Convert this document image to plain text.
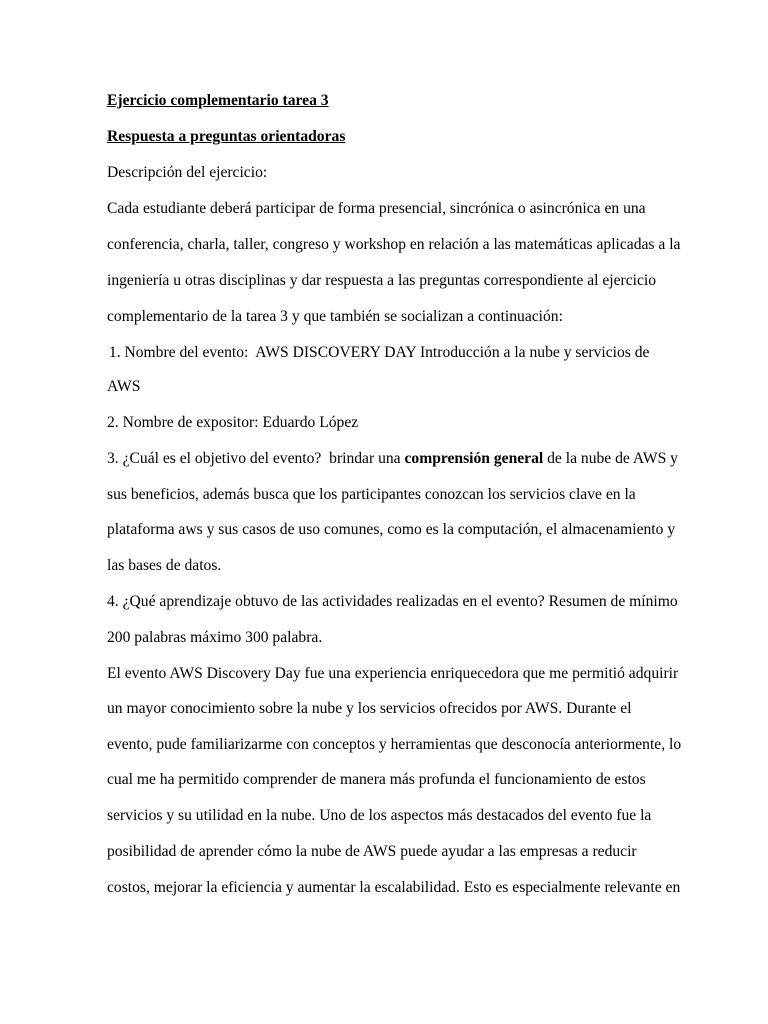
Ejercicio complementario tarea 3

Respuesta a preguntas orientadoras

Descripción del ejercicio:

Cada estudiante deberá participar de forma presencial, sincrónica o asincrónica en una

conferencia, charla, taller, congreso y workshop en relación a las matemáticas aplicadas a la

ingeniería u otras disciplinas y dar respuesta a las preguntas correspondiente al ejercicio

complementario de la tarea 3 y que también se socializan a continuación:

1. Nombre del evento:  AWS DISCOVERY DAY Introducción a la nube y servicios de

AWS

2. Nombre de expositor: Eduardo López

3. ¿Cuál es el objetivo del evento?  brindar una comprensión general de la nube de AWS y

sus beneficios, además busca que los participantes conozcan los servicios clave en la

plataforma aws y sus casos de uso comunes, como es la computación, el almacenamiento y

las bases de datos.

4. ¿Qué aprendizaje obtuvo de las actividades realizadas en el evento? Resumen de mínimo

200 palabras máximo 300 palabra.

El evento AWS Discovery Day fue una experiencia enriquecedora que me permitió adquirir

un mayor conocimiento sobre la nube y los servicios ofrecidos por AWS. Durante el

evento, pude familiarizarme con conceptos y herramientas que desconocía anteriormente, lo

cual me ha permitido comprender de manera más profunda el funcionamiento de estos

servicios y su utilidad en la nube. Uno de los aspectos más destacados del evento fue la

posibilidad de aprender cómo la nube de AWS puede ayudar a las empresas a reducir

costos, mejorar la eficiencia y aumentar la escalabilidad. Esto es especialmente relevante en
